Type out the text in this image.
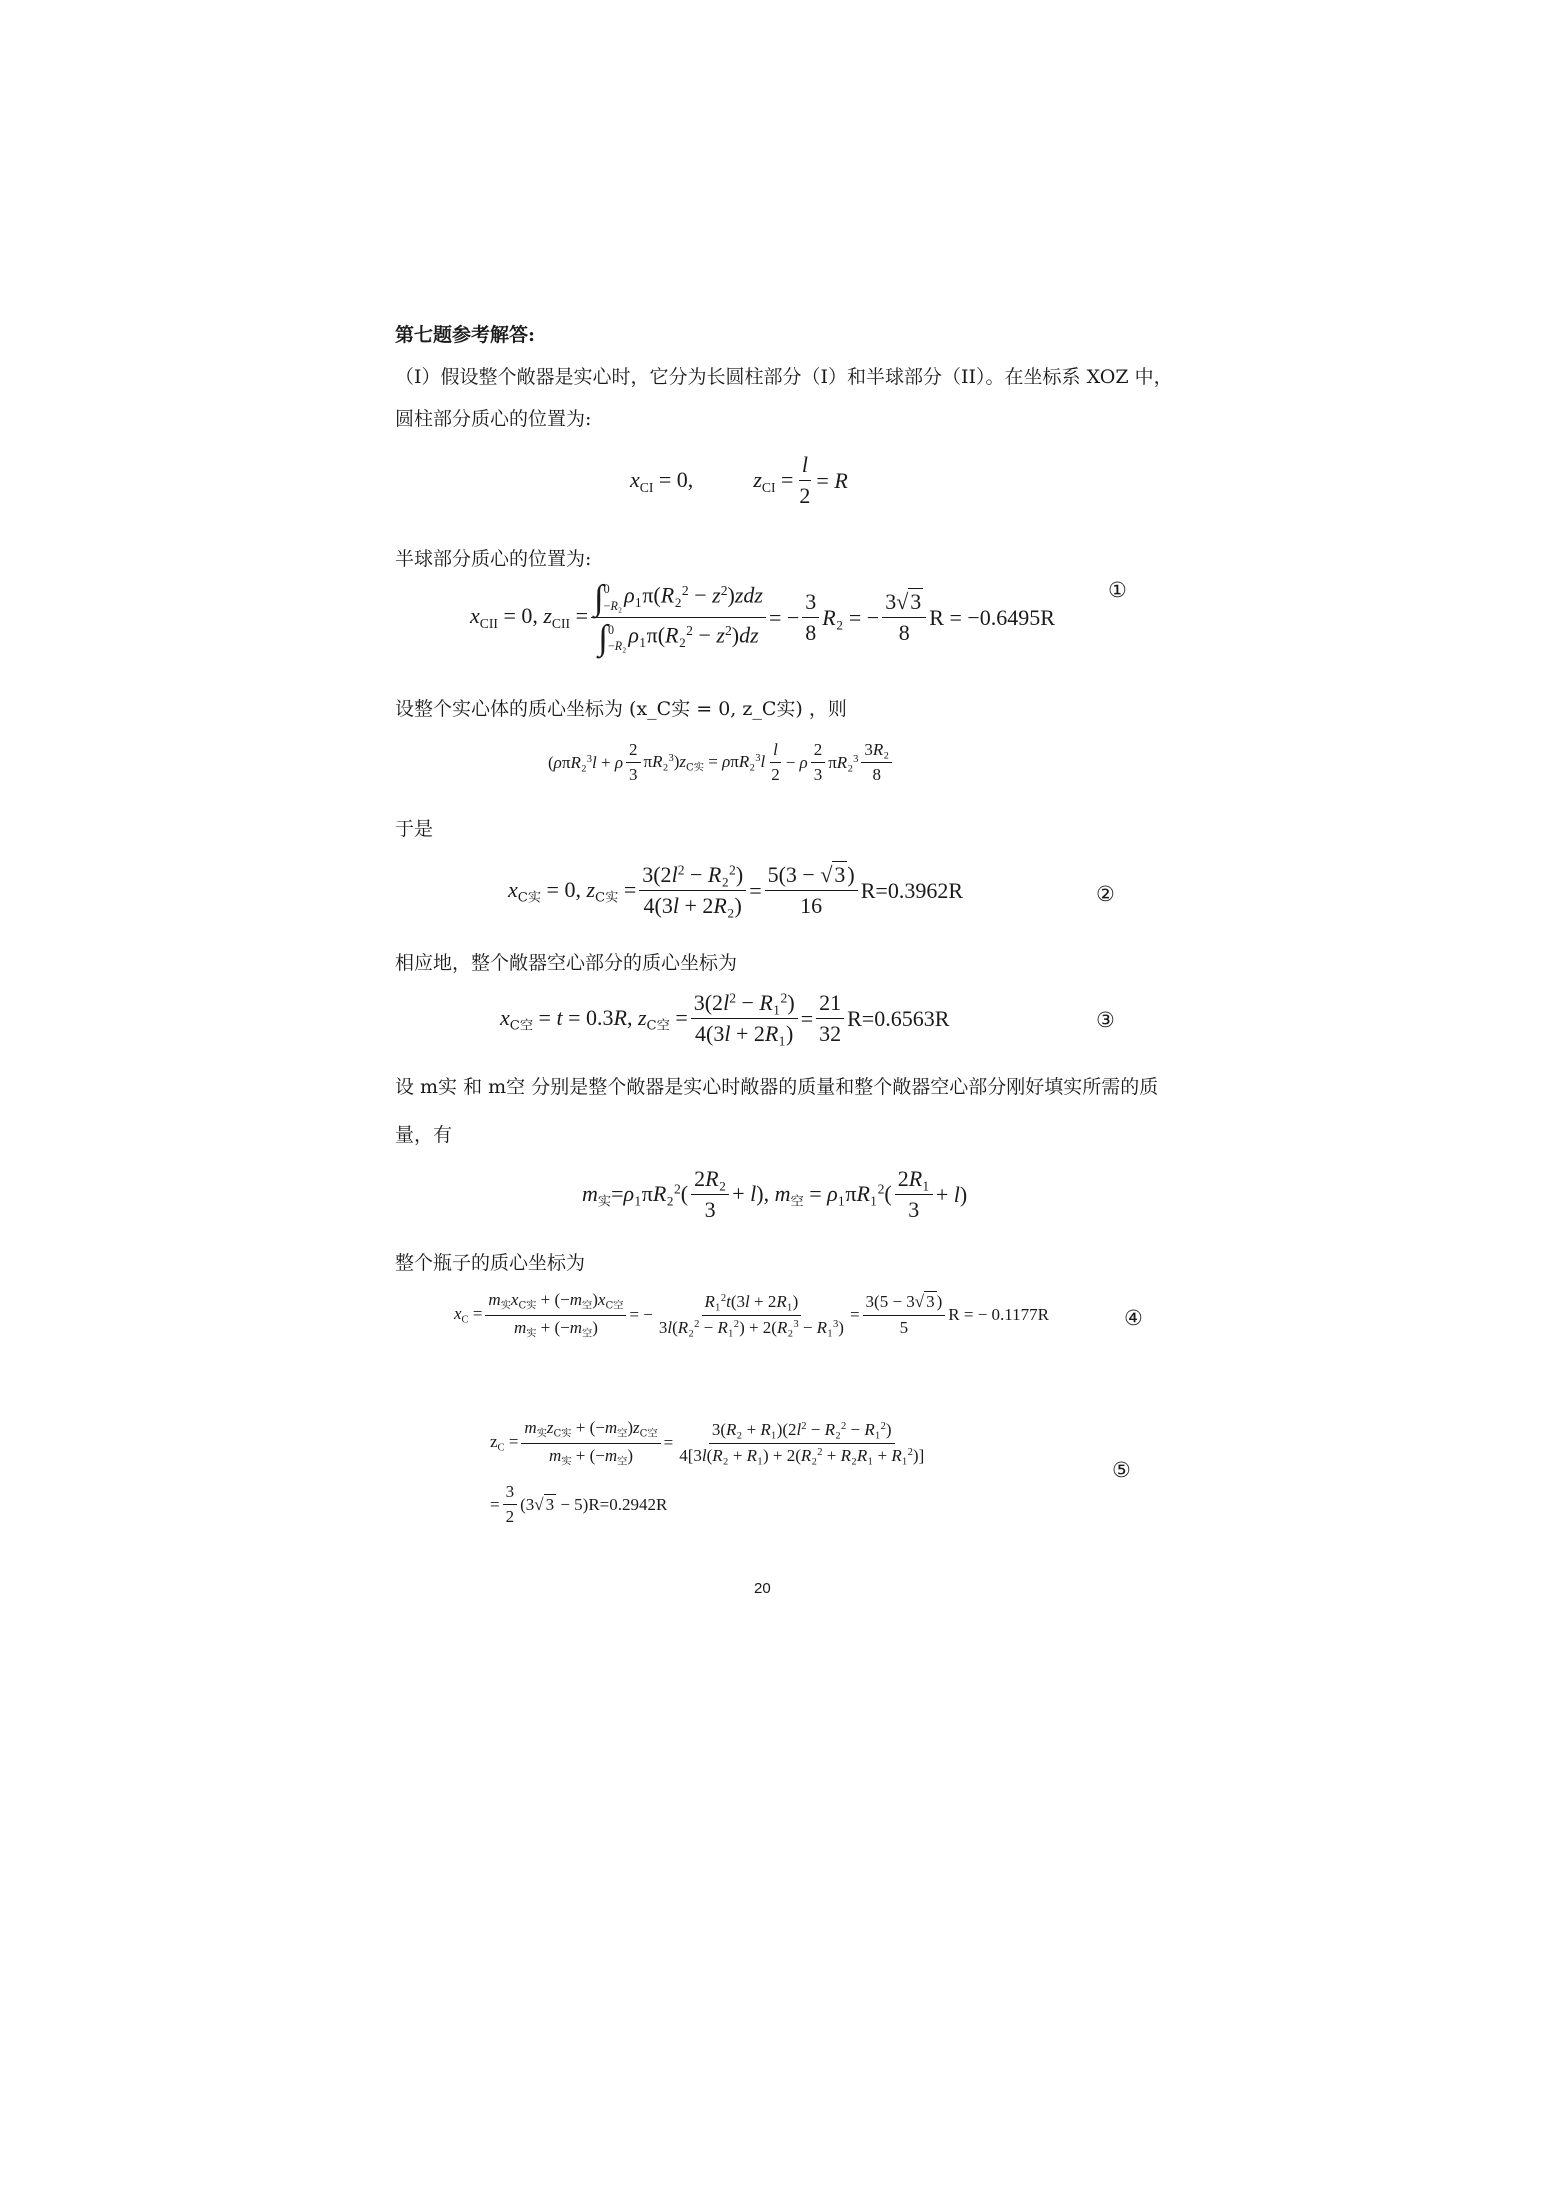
第七题参考解答:
（I）假设整个敞器是实心时，它分为长圆柱部分（I）和半球部分（II）。在坐标系 XOZ 中，
圆柱部分质心的位置为:
$x_{CI} = 0$,	$z_{CI} = \frac{l}{2} = R$
半球部分质心的位置为:
$x_{CII} = 0$, $z_{CII}$ = ∫ 0
−R₂ $\rho_1\pi(R_2^2 - z^2)zdz$
∫ 0
−R₂ $\rho_1\pi(R_2^2 - z^2)dz$ = − $\frac{3}{8} R_2$ = − $\frac{3√3}{8}$ R = −0.6495R
①
设整个实心体的质心坐标为 (x_C实 = 0, z_C实) ，则
(ρπR₂$^3$l + ρ $\frac{2}{3} \pi R_2^3)z_{C实} = \rho\pi R_2^3l \frac{l}{2} - \rho \frac{2}{3} \pi R_2^3 \frac{\text{3R₂}}{8}$
于是
$x_{C实} = 0$, $z_{C实} = \frac{3(2l^2 - R_2^2)}{\text{4(3l + 2R₂)}} = \frac{5(3 - √3)}{16} R=0.3962R$	②
相应地，整个敞器空心部分的质心坐标为
$x_{C空} = t = 0.3R$, $z_{C空} = \frac{3(2l^2 - R_1^2)}{\text{4(3l + 2R₁)}} = \frac{21}{32} R=0.6563R$	③
设 m实 和 m空 分别是整个敞器是实心时敞器的质量和整个敞器空心部分刚好填实所需的质
量，有
$m_实=\rho_1\pi R_2^2( \frac{\text{2R₂}}{3} + l)$, $m_空 = \rho_1\pi R_1^2( \frac{\text{2R₁}}{3} + l)$
整个瓶子的质心坐标为
$x_C = \frac{m_实x_{C实} + (-m_空)x_{C空}}{m_实 + (-m_空)}$ = − $\frac{R_1^2t(3l + 2R_1)}{3l(R_2^2 - R_1^2) + 2(R_2^3 - R_1^3)} = \frac{3(5 - 3√ 3 )}{5}$ R = − 0.1177R	④
$z_C = \frac{m_实z_{C实} + (-m_空)z_{C空}}{m_实 + (-m_空)} = \frac{3(R_2 + R_1)(2l^2 - R_2^2 - R_1^2)}{4[3l(R_2 + R_1) + 2(R_2^2 + R_2R_1 + R_1^2)]}$
= $\frac{3}{2} (3√$ 3 − 5) R=0.2942R
⑤
20
